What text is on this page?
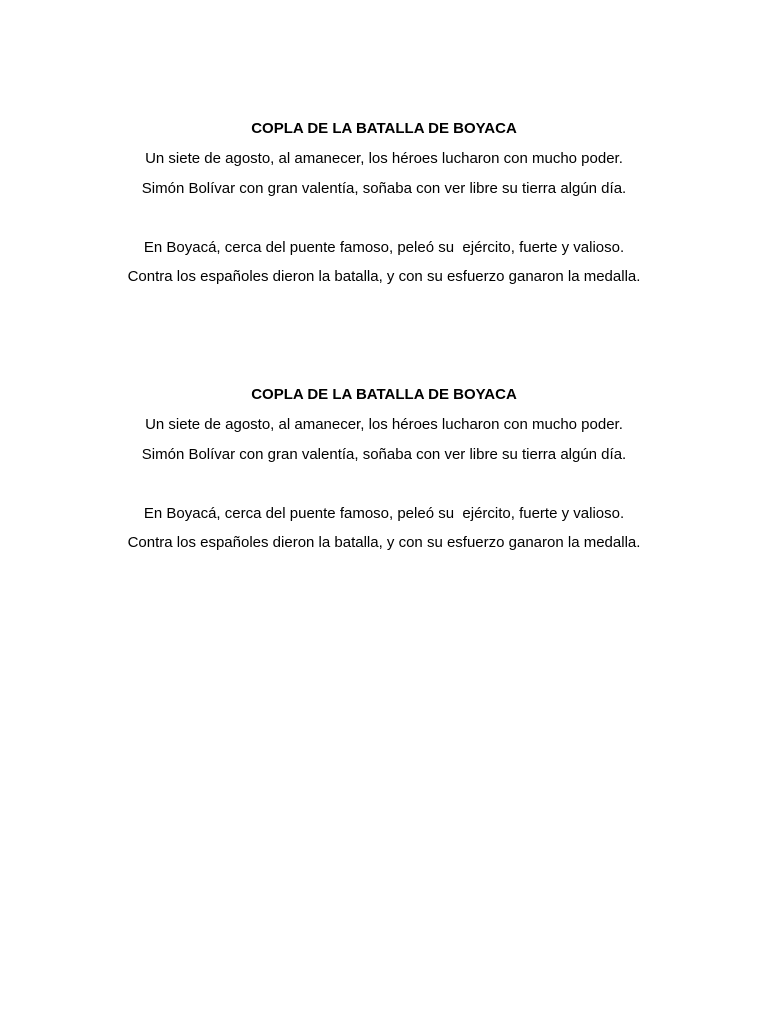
COPLA DE LA BATALLA DE BOYACA
Un siete de agosto, al amanecer, los héroes lucharon con mucho poder.
Simón Bolívar con gran valentía, soñaba con ver libre su tierra algún día.
En Boyacá, cerca del puente famoso, peleó su  ejército, fuerte y valioso.
Contra los españoles dieron la batalla, y con su esfuerzo ganaron la medalla.
COPLA DE LA BATALLA DE BOYACA
Un siete de agosto, al amanecer, los héroes lucharon con mucho poder.
Simón Bolívar con gran valentía, soñaba con ver libre su tierra algún día.
En Boyacá, cerca del puente famoso, peleó su  ejército, fuerte y valioso.
Contra los españoles dieron la batalla, y con su esfuerzo ganaron la medalla.
